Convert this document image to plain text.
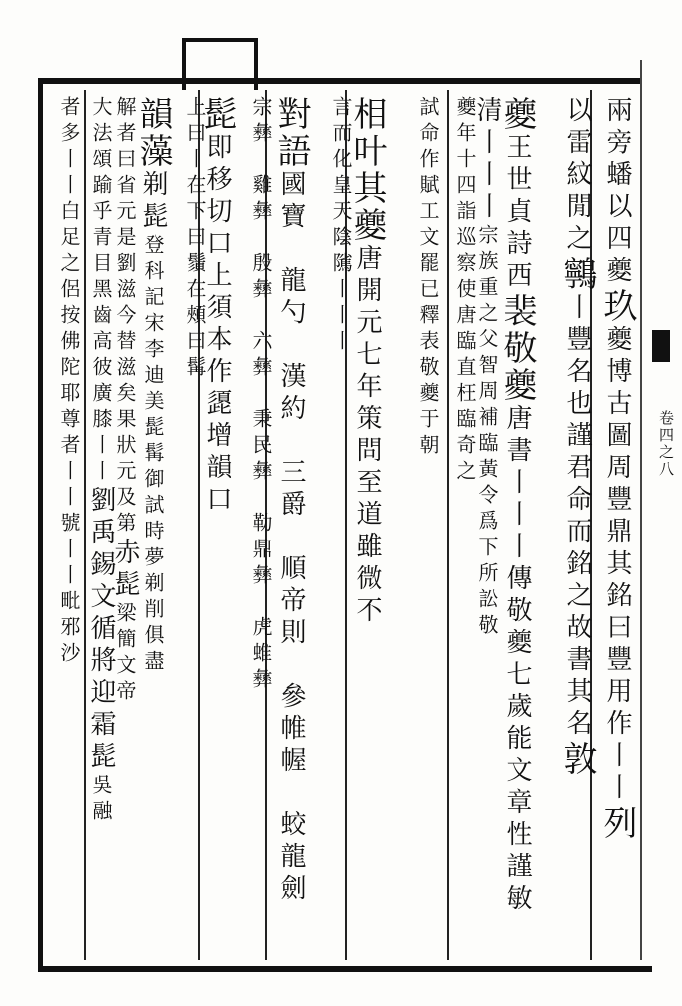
卷四之八
兩旁蟠以四夔玖夔博古圖周豐鼎其銘曰豐用作丨丨列
以雷紋閒之鸋丨豐名也謹君命而銘之故書其名敦
夔王世貞詩西裴敬夔唐書丨丨丨傳敬夔七歲能文章性謹敏
清丨丨丨宗族重之父智周補臨黃令爲下所訟敬
夔年十四詣巡察使唐臨直枉臨奇之
試命作賦工文罷已釋表敬夔于朝
相叶其夔唐開元七年策問至道雖微不
言而化皇天陰隲丨丨丨
對語國寶　龍勺　漢約　三爵　順帝則　參帷幄　蛟龍劍
宗彝　雞彝　殷彝　六彝　秉民彝　勒鼎彝　虎蜼彝
髭即移切口上須本作頾增韻口
上曰丨在下曰鬚在頰曰髯
韻藻剃髭登科記宋李迪美髭髯御試時夢剃削俱盡
解者曰省元是劉滋今替滋矣果狀元及第赤髭梁簡文帝
大法頌踰乎青目黑齒高彼廣膝丨丨劉禹錫文循將迎霜髭吳融
者多丨丨白足之侶按佛陀耶尊者丨丨號丨丨毗邪沙
